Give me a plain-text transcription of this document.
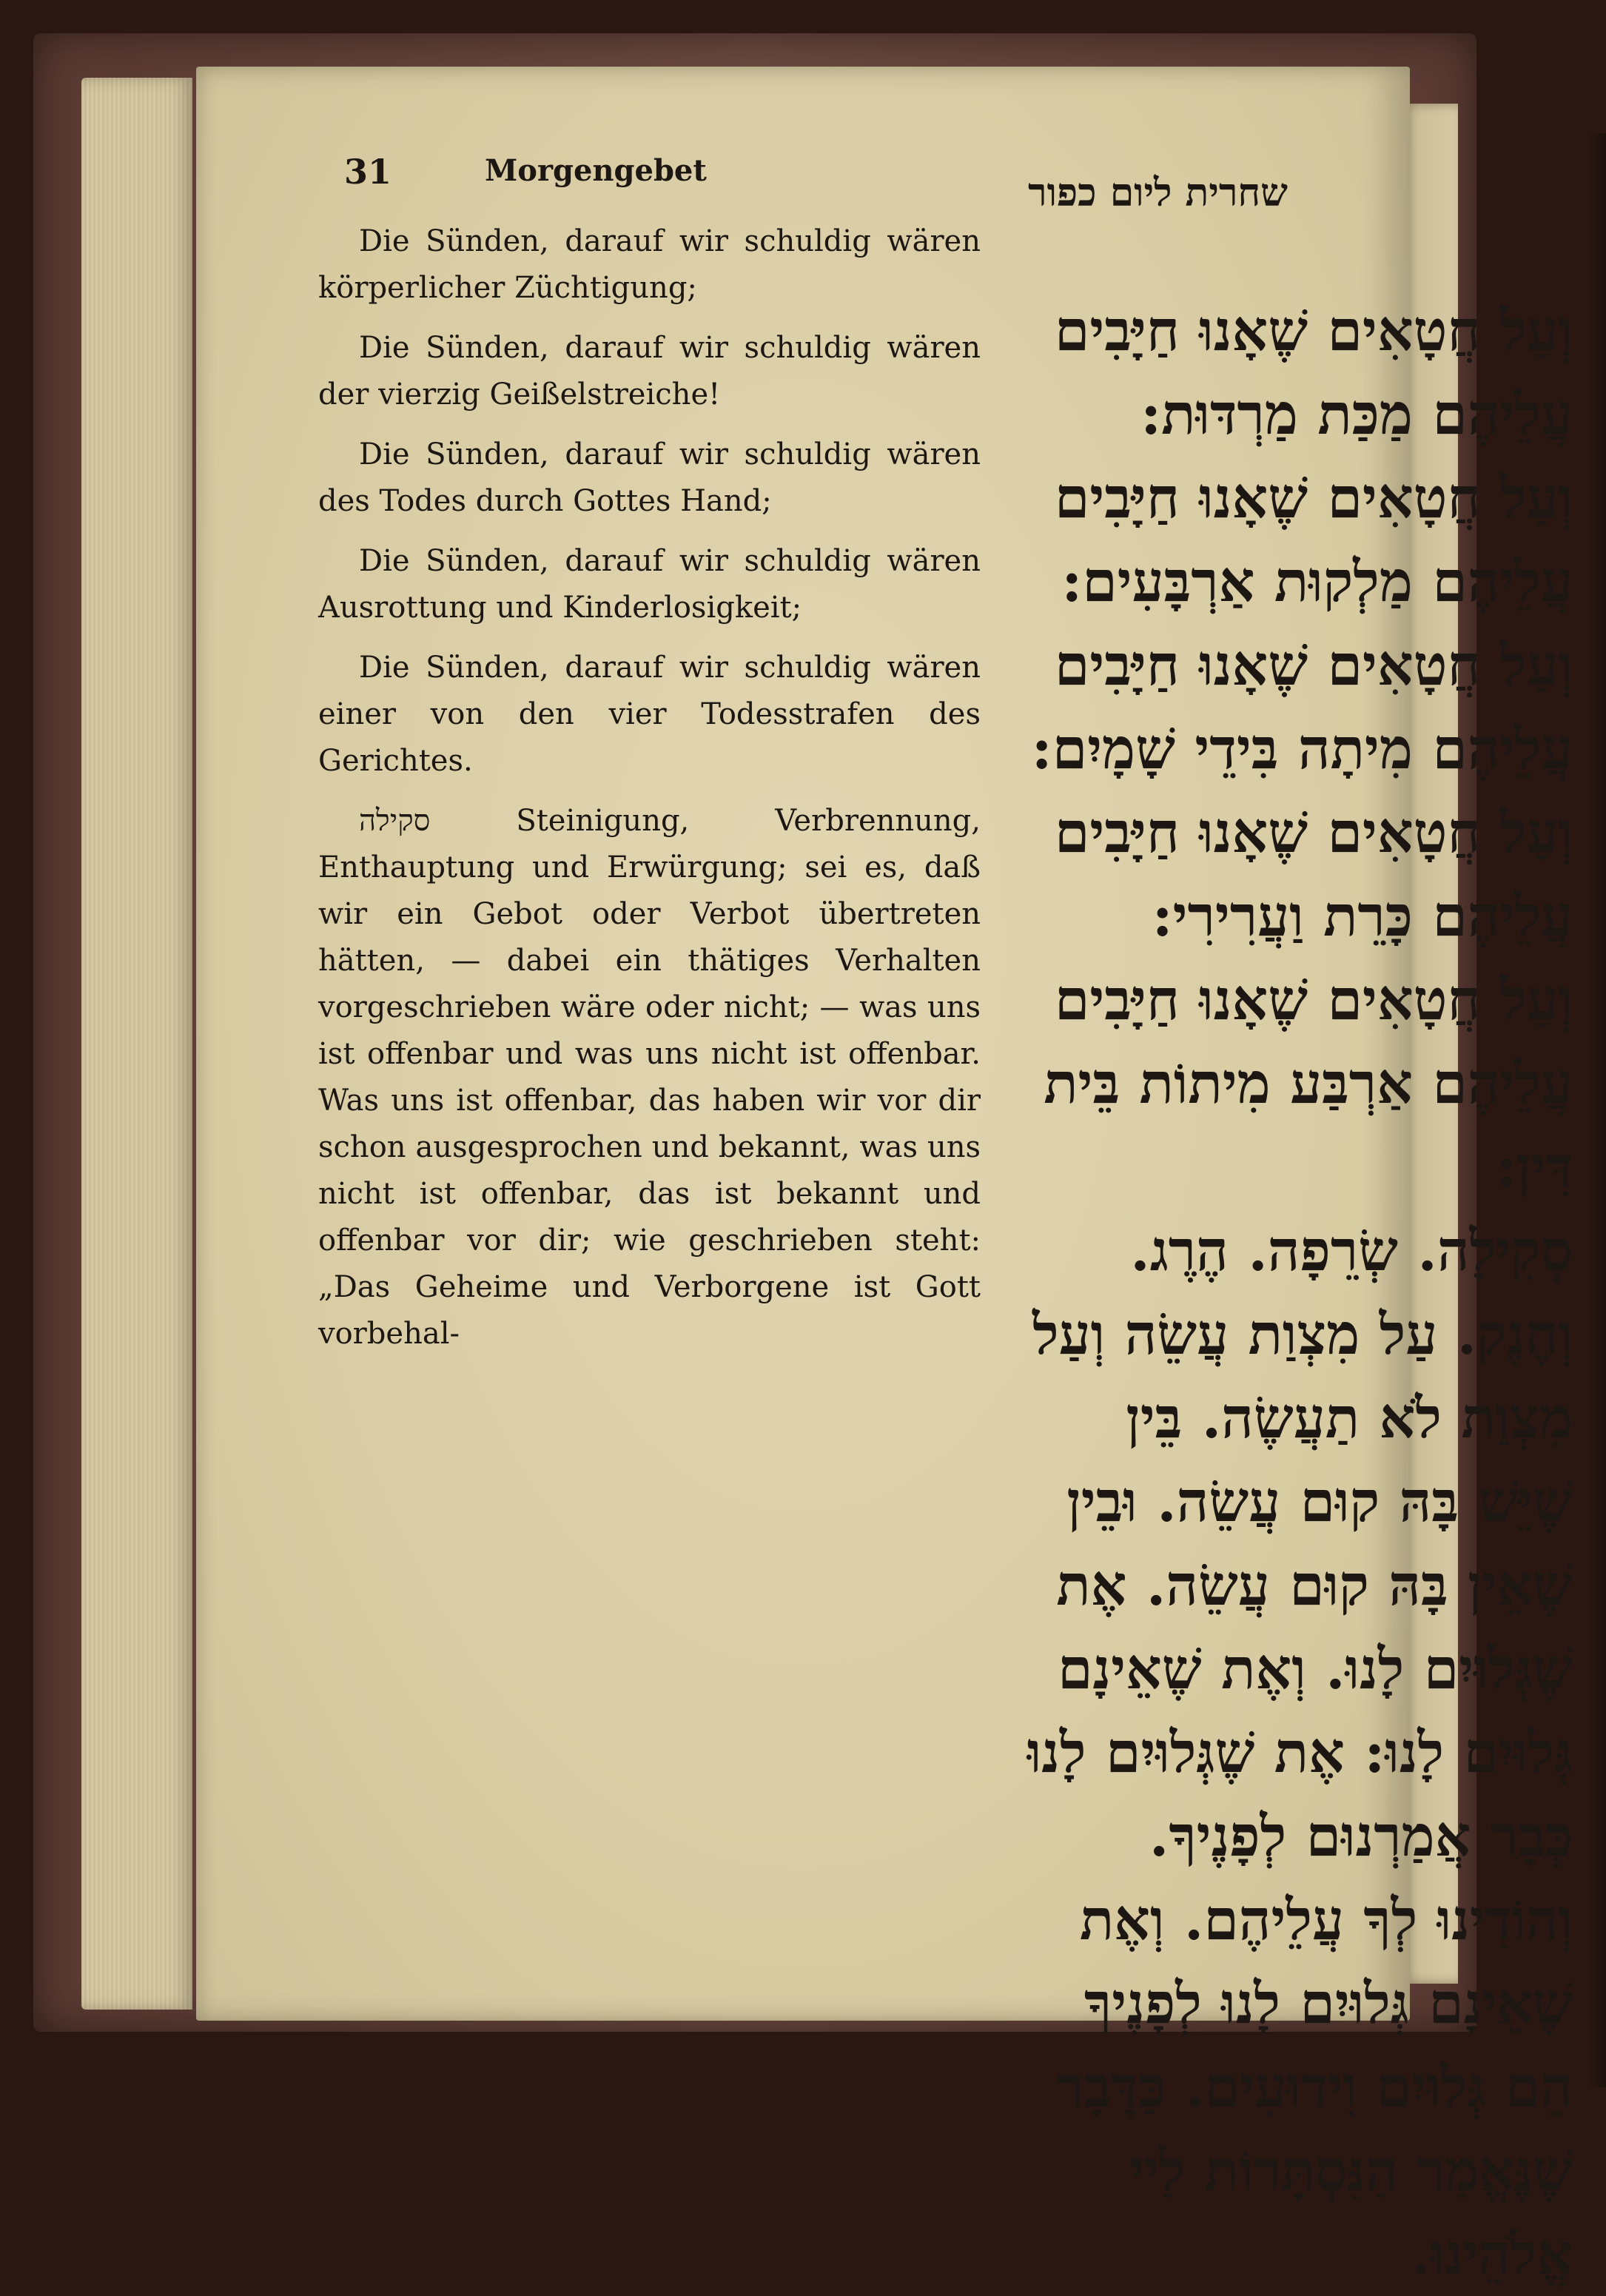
31	Morgengebet	שחרית ליום כפור

Die Sünden, darauf wir schuldig wären körperlicher Züchtigung;

Die Sünden, darauf wir schuldig wären der vierzig Geißelstreiche!

Die Sünden, darauf wir schuldig wären des Todes durch Gottes Hand;

Die Sünden, darauf wir schuldig wären Ausrottung und Kinderlosigkeit;

Die Sünden, darauf wir schuldig wären einer von den vier Todesstrafen des Gerichtes.

סקילה Steinigung, Verbrennung, Enthauptung und Erwürgung; sei es, daß wir ein Gebot oder Verbot übertreten hätten, — dabei ein thätiges Verhalten vorgeschrieben wäre oder nicht; — was uns ist offenbar und was uns nicht ist offenbar. Was uns ist offenbar, das haben wir vor dir schon ausgesprochen und bekannt, was uns nicht ist offenbar, das ist bekannt und offenbar vor dir; wie geschrieben steht: „Das Geheime und Verborgene ist Gott vorbehal-

וְעַל חֲטָאִים שֶׁאָנוּ חַיָּבִים עֲלֵיהֶם מַכַּת מַרְדּוּת:

וְעַל חֲטָאִים שֶׁאָנוּ חַיָּבִים עֲלֵיהֶם מַלְקוּת אַרְבָּעִים:

וְעַל חֲטָאִים שֶׁאָנוּ חַיָּבִים עֲלֵיהֶם מִיתָה בִּידֵי שָׁמָיִם:

וְעַל חֲטָאִים שֶׁאָנוּ חַיָּבִים עֲלֵיהֶם כָּרֵת וַעֲרִירִי:

וְעַל חֲטָאִים שֶׁאָנוּ חַיָּבִים עֲלֵיהֶם אַרְבַּע מִיתוֹת בֵּית דִּין:

סְקִילָה. שְׂרֵפָה. הֶרֶג. וְחֶנֶק. עַל מִצְוַת עֲשֵׂה וְעַל מִצְוַת לֹא תַעֲשֶׂה. בֵּין שֶׁיֵּשׁ בָּהּ קוּם עֲשֵׂה. וּבֵין שֶׁאֵין בָּהּ קוּם עֲשֵׂה. אֶת שֶׁגְּלוּיִם לָנוּ. וְאֶת שֶׁאֵינָם גְּלוּיִם לָנוּ: אֶת שֶׁגְּלוּיִם לָנוּ כְּבָר אֲמַרְנוּם לְפָנֶיךָ. וְהוֹדִינוּ לְךָ עֲלֵיהֶם. וְאֶת שֶׁאֵינָם גְּלוּיִם לָנוּ לְפָנֶיךָ הֵם גְּלוּיִם וִידוּעִים. כַּדָּבָר שֶׁנֶּאֱמַר הַנִּסְתָּרוֹת לַיי אֱלֹהֵינוּ.
